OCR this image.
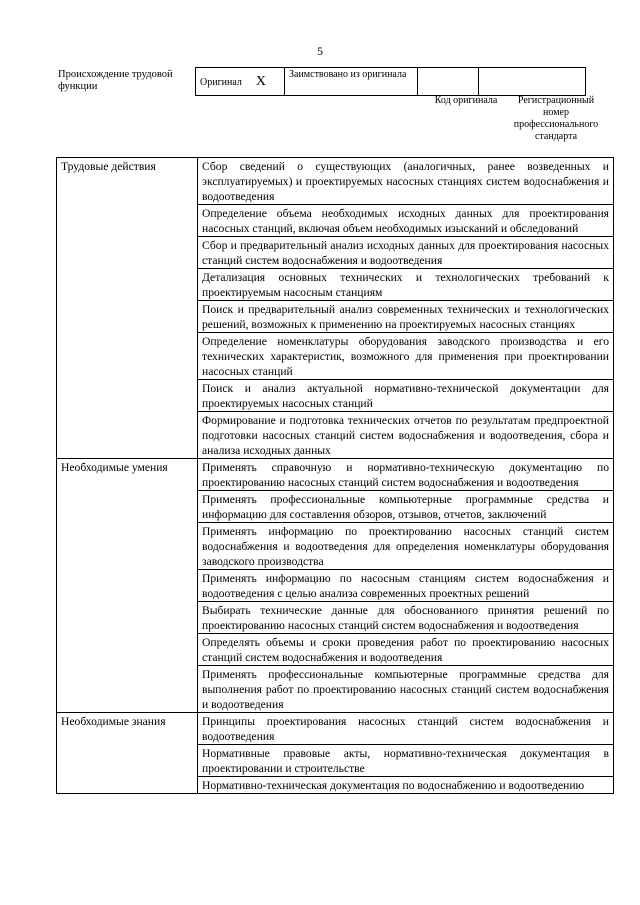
5
Происхождение трудовой функции	Оригинал X	Заимствовано из оригинала		
Код оригинала	Регистрационный номер профессионального стандарта
Трудовые действия	Сбор сведений о существующих (аналогичных, ранее возведенных и эксплуатируемых) и проектируемых насосных станциях систем водоснабжения и водоотведения
	Определение объема необходимых исходных данных для проектирования насосных станций, включая объем необходимых изысканий и обследований
	Сбор и предварительный анализ исходных данных для проектирования насосных станций систем водоснабжения и водоотведения
	Детализация основных технических и технологических требований к проектируемым насосным станциям
	Поиск и предварительный анализ современных технических и технологических решений, возможных к применению на проектируемых насосных станциях
	Определение номенклатуры оборудования заводского производства и его технических характеристик, возможного для применения при проектировании насосных станций
	Поиск и анализ актуальной нормативно-технической документации для проектируемых насосных станций
	Формирование и подготовка технических отчетов по результатам предпроектной подготовки насосных станций систем водоснабжения и водоотведения, сбора и анализа исходных данных
Необходимые умения	Применять справочную и нормативно-техническую документацию по проектированию насосных станций систем водоснабжения и водоотведения
	Применять профессиональные компьютерные программные средства и информацию для составления обзоров, отзывов, отчетов, заключений
	Применять информацию по проектированию насосных станций систем водоснабжения и водоотведения для определения номенклатуры оборудования заводского производства
	Применять информацию по насосным станциям систем водоснабжения и водоотведения с целью анализа современных проектных решений
	Выбирать технические данные для обоснованного принятия решений по проектированию насосных станций систем водоснабжения и водоотведения
	Определять объемы и сроки проведения работ по проектированию насосных станций систем водоснабжения и водоотведения
	Применять профессиональные компьютерные программные средства для выполнения работ по проектированию насосных станций систем водоснабжения и водоотведения
Необходимые знания	Принципы проектирования насосных станций систем водоснабжения и водоотведения
	Нормативные правовые акты, нормативно-техническая документация в проектировании и строительстве
	Нормативно-техническая документация по водоснабжению и водоотведению
